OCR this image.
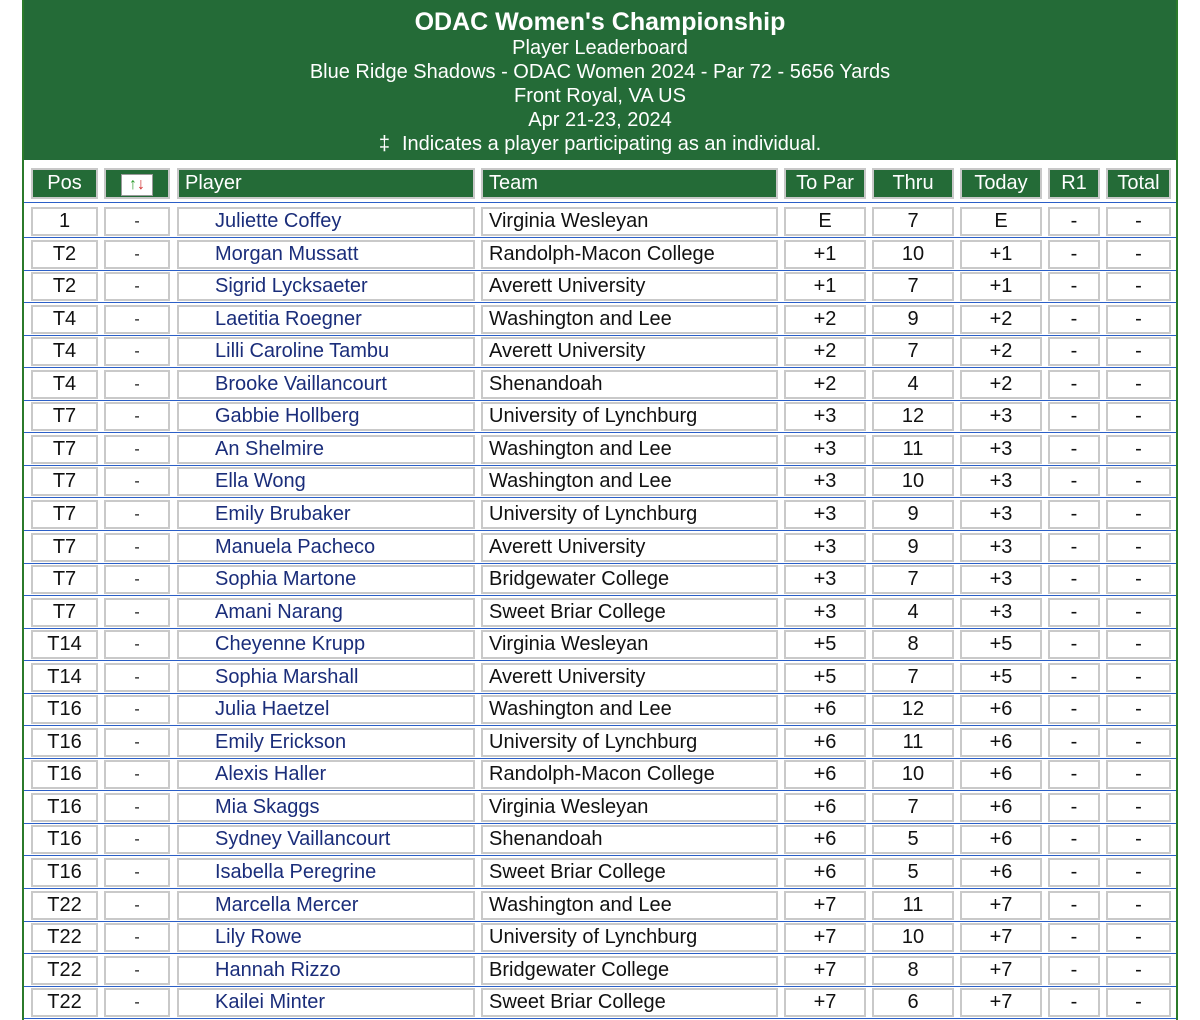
ODAC Women's Championship
Player Leaderboard
Blue Ridge Shadows - ODAC Women 2024 - Par 72 - 5656 Yards
Front Royal, VA US
Apr 21-23, 2024
‡ Indicates a player participating as an individual.
Pos	↑↓	Player	Team	To Par	Thru	Today	R1	Total
1	-	Juliette Coffey	Virginia Wesleyan	E	7	E	-	-
T2	-	Morgan Mussatt	Randolph-Macon College	+1	10	+1	-	-
T2	-	Sigrid Lycksaeter	Averett University	+1	7	+1	-	-
T4	-	Laetitia Roegner	Washington and Lee	+2	9	+2	-	-
T4	-	Lilli Caroline Tambu	Averett University	+2	7	+2	-	-
T4	-	Brooke Vaillancourt	Shenandoah	+2	4	+2	-	-
T7	-	Gabbie Hollberg	University of Lynchburg	+3	12	+3	-	-
T7	-	An Shelmire	Washington and Lee	+3	11	+3	-	-
T7	-	Ella Wong	Washington and Lee	+3	10	+3	-	-
T7	-	Emily Brubaker	University of Lynchburg	+3	9	+3	-	-
T7	-	Manuela Pacheco	Averett University	+3	9	+3	-	-
T7	-	Sophia Martone	Bridgewater College	+3	7	+3	-	-
T7	-	Amani Narang	Sweet Briar College	+3	4	+3	-	-
T14	-	Cheyenne Krupp	Virginia Wesleyan	+5	8	+5	-	-
T14	-	Sophia Marshall	Averett University	+5	7	+5	-	-
T16	-	Julia Haetzel	Washington and Lee	+6	12	+6	-	-
T16	-	Emily Erickson	University of Lynchburg	+6	11	+6	-	-
T16	-	Alexis Haller	Randolph-Macon College	+6	10	+6	-	-
T16	-	Mia Skaggs	Virginia Wesleyan	+6	7	+6	-	-
T16	-	Sydney Vaillancourt	Shenandoah	+6	5	+6	-	-
T16	-	Isabella Peregrine	Sweet Briar College	+6	5	+6	-	-
T22	-	Marcella Mercer	Washington and Lee	+7	11	+7	-	-
T22	-	Lily Rowe	University of Lynchburg	+7	10	+7	-	-
T22	-	Hannah Rizzo	Bridgewater College	+7	8	+7	-	-
T22	-	Kailei Minter	Sweet Briar College	+7	6	+7	-	-
